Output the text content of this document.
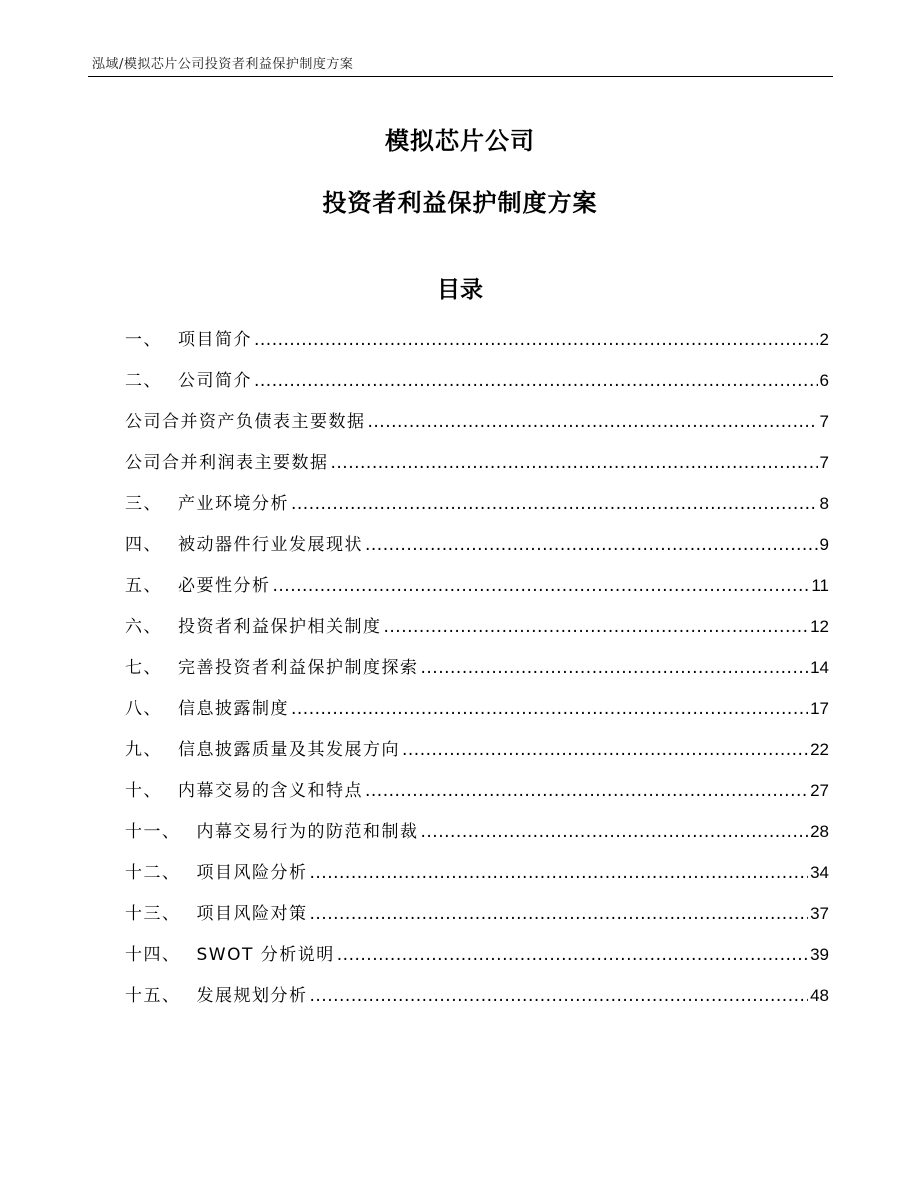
泓域/模拟芯片公司投资者利益保护制度方案
模拟芯片公司
投资者利益保护制度方案
目录
一、 项目简介 .....	2
二、 公司简介 .....	6
公司合并资产负债表主要数据 .....	7
公司合并利润表主要数据 .....	7
三、 产业环境分析 .....	8
四、 被动器件行业发展现状 .....	9
五、 必要性分析 .....	11
六、 投资者利益保护相关制度 .....	12
七、 完善投资者利益保护制度探索 .....	14
八、 信息披露制度 .....	17
九、 信息披露质量及其发展方向 .....	22
十、 内幕交易的含义和特点 .....	27
十一、 内幕交易行为的防范和制裁 .....	28
十二、 项目风险分析 .....	34
十三、 项目风险对策 .....	37
十四、 SWOT 分析说明 .....	39
十五、 发展规划分析 .....	48
